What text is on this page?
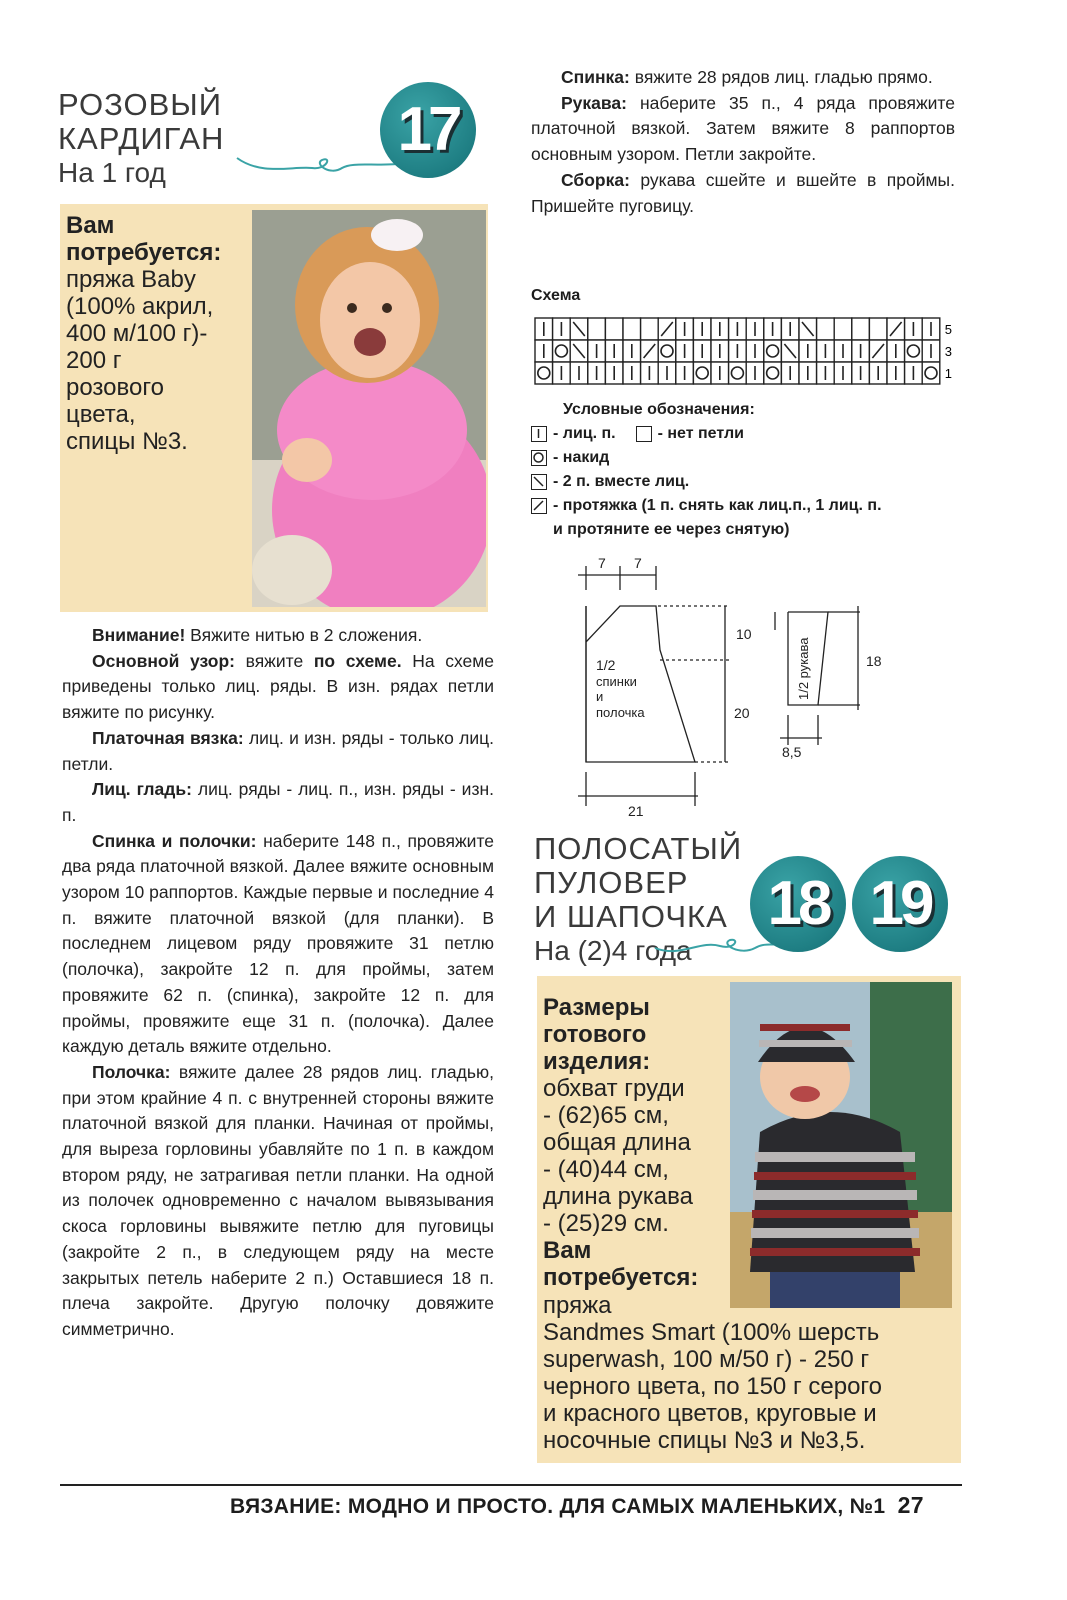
РОЗОВЫЙ
КАРДИГАН
На 1 год
17
Вам
потребуется:
пряжа Baby
(100% акрил,
400 м/100 г)-
200 г
розового
цвета,
спицы №3.

Внимание! Вяжите нитью в 2 сложения.

Основной узор: вяжите по схеме. На схеме приведены только лиц. ряды. В изн. рядах петли вяжите по рисунку.

Платочная вязка: лиц. и изн. ряды - только лиц. петли.

Лиц. гладь: лиц. ряды - лиц. п., изн. ряды - изн. п.

Спинка и полочки: наберите 148 п., провяжите два ряда платочной вязкой. Далее вяжите основным узором 10 раппортов. Каждые первые и последние 4 п. вяжите платочной вязкой (для планки). В последнем лицевом ряду провяжите 31 петлю (полочка), закройте 12 п. для проймы, затем провяжите 62 п. (спинка), закройте 12 п. для проймы, провяжите еще 31 п. (полочка). Далее каждую деталь вяжите отдельно.

Полочка: вяжите далее 28 рядов лиц. гладью, при этом крайние 4 п. с внутренней стороны вяжите платочной вязкой для планки. Начиная от проймы, для выреза горловины убавляйте по 1 п. в каждом втором ряду, не затрагивая петли планки. На одной из полочек одновременно с началом вывязывания скоса горловины вывяжите петлю для пуговицы (закройте 2 п., в следующем ряду на месте закрытых петель наберите 2 п.) Оставшиеся 18 п. плеча закройте. Другую полочку довяжите симметрично.

Спинка: вяжите 28 рядов лиц. гладью прямо.

Рукава: наберите 35 п., 4 ряда провяжите платочной вязкой. Затем вяжите 8 раппортов основным узором. Петли закройте.

Сборка: рукава сшейте и вшейте в проймы. Пришейте пуговицу.

Схема
5
3
1
Условные обозначения:
- лиц. п.	- нет петли
- накид
- 2 п. вместе лиц.
- протяжка (1 п. снять как лиц.п., 1 лиц. п.
и протяните ее через снятую)
7 7
10
20
21
1/2
спинки
и
полочка
18
8,5
1/2 рукава
ПОЛОСАТЫЙ
ПУЛОВЕР
И ШАПОЧКА
На (2)4 года
18 19
Размеры
готового
изделия:
обхват груди
- (62)65 см,
общая длина
- (40)44 см,
длина рукава
- (25)29 см.
Вам
потребуется:
пряжа
Sandmes Smart (100% шерсть
superwash, 100 м/50 г) - 250 г
черного цвета, по 150 г серого
и красного цветов, круговые и
носочные спицы №3 и №3,5.
ВЯЗАНИЕ: МОДНО И ПРОСТО. ДЛЯ САМЫХ МАЛЕНЬКИХ, №1 27
